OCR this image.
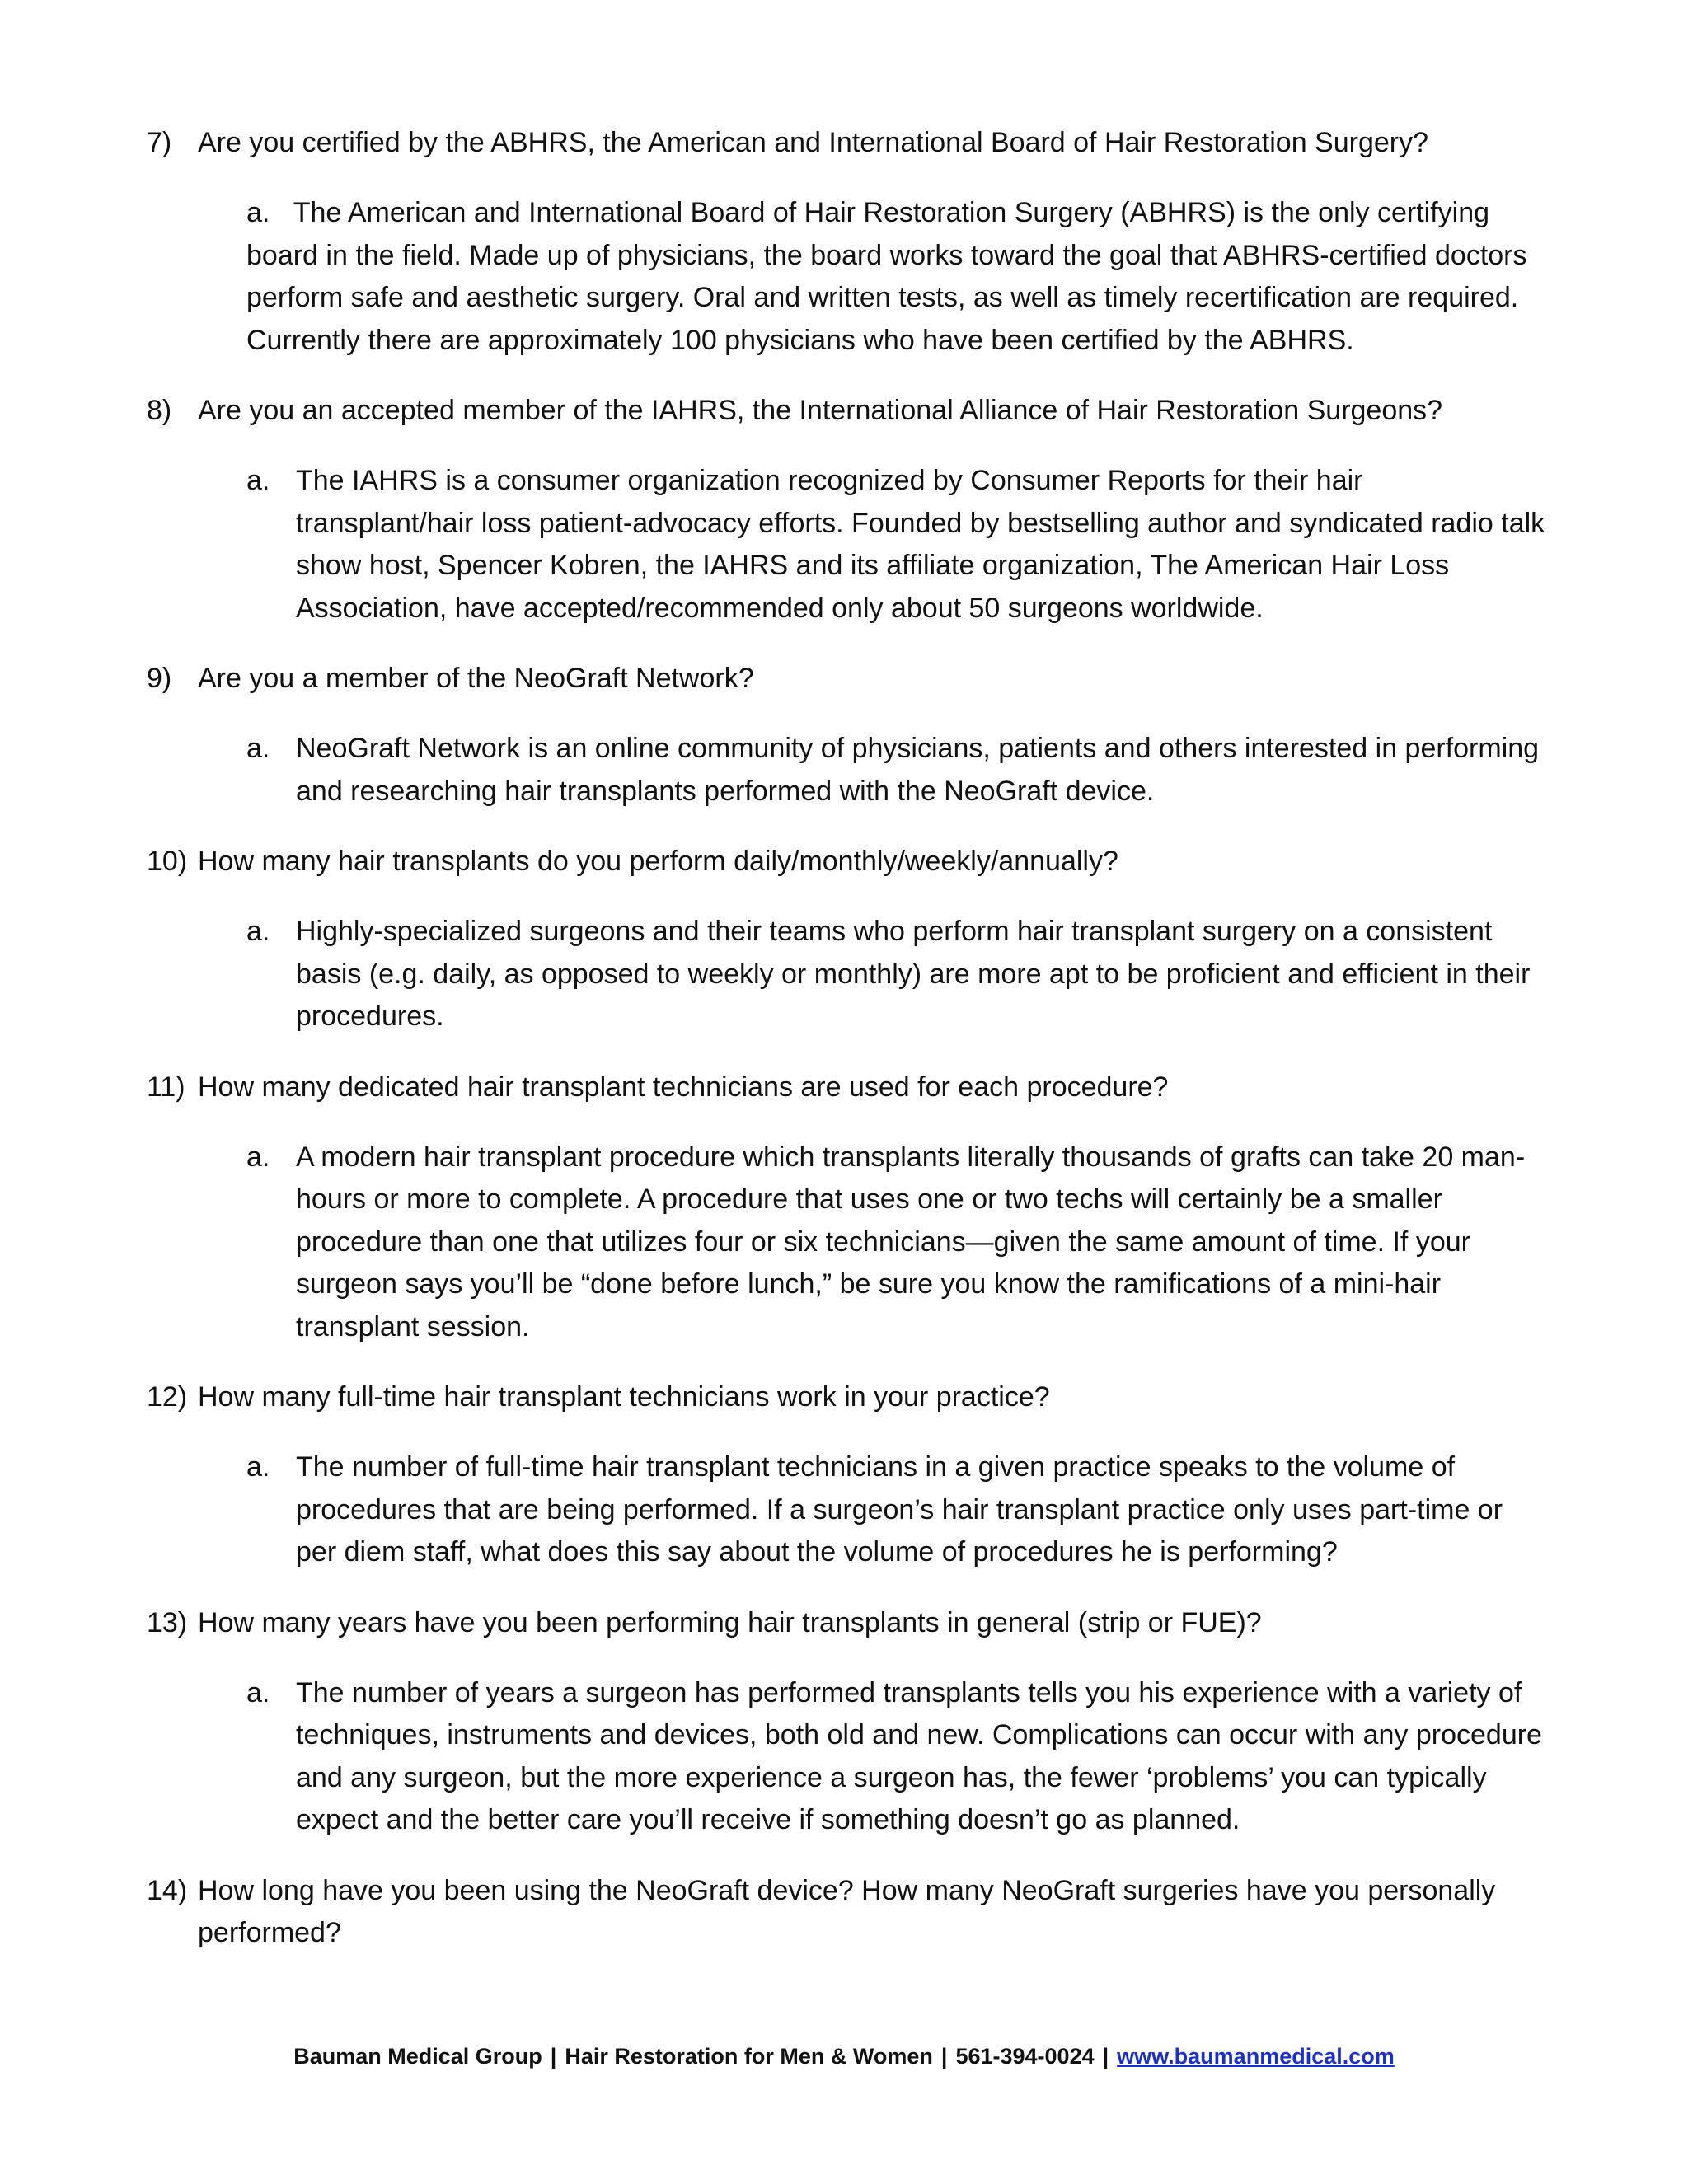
7) Are you certified by the ABHRS, the American and International Board of Hair Restoration Surgery?

a. The American and International Board of Hair Restoration Surgery (ABHRS) is the only certifying board in the field. Made up of physicians, the board works toward the goal that ABHRS-certified doctors perform safe and aesthetic surgery. Oral and written tests, as well as timely recertification are required. Currently there are approximately 100 physicians who have been certified by the ABHRS.

8) Are you an accepted member of the IAHRS, the International Alliance of Hair Restoration Surgeons?

a. The IAHRS is a consumer organization recognized by Consumer Reports for their hair transplant/hair loss patient-advocacy efforts. Founded by bestselling author and syndicated radio talk show host, Spencer Kobren, the IAHRS and its affiliate organization, The American Hair Loss Association, have accepted/recommended only about 50 surgeons worldwide.

9) Are you a member of the NeoGraft Network?

a. NeoGraft Network is an online community of physicians, patients and others interested in performing and researching hair transplants performed with the NeoGraft device.

10) How many hair transplants do you perform daily/monthly/weekly/annually?

a. Highly-specialized surgeons and their teams who perform hair transplant surgery on a consistent basis (e.g. daily, as opposed to weekly or monthly) are more apt to be proficient and efficient in their procedures.

11) How many dedicated hair transplant technicians are used for each procedure?

a. A modern hair transplant procedure which transplants literally thousands of grafts can take 20 man-hours or more to complete. A procedure that uses one or two techs will certainly be a smaller procedure than one that utilizes four or six technicians—given the same amount of time. If your surgeon says you’ll be “done before lunch,” be sure you know the ramifications of a mini-hair transplant session.

12) How many full-time hair transplant technicians work in your practice?

a. The number of full-time hair transplant technicians in a given practice speaks to the volume of procedures that are being performed. If a surgeon’s hair transplant practice only uses part-time or per diem staff, what does this say about the volume of procedures he is performing?

13) How many years have you been performing hair transplants in general (strip or FUE)?

a. The number of years a surgeon has performed transplants tells you his experience with a variety of techniques, instruments and devices, both old and new. Complications can occur with any procedure and any surgeon, but the more experience a surgeon has, the fewer ‘problems’ you can typically expect and the better care you’ll receive if something doesn’t go as planned.

14) How long have you been using the NeoGraft device? How many NeoGraft surgeries have you personally performed?

Bauman Medical Group | Hair Restoration for Men & Women | 561-394-0024 | www.baumanmedical.com
